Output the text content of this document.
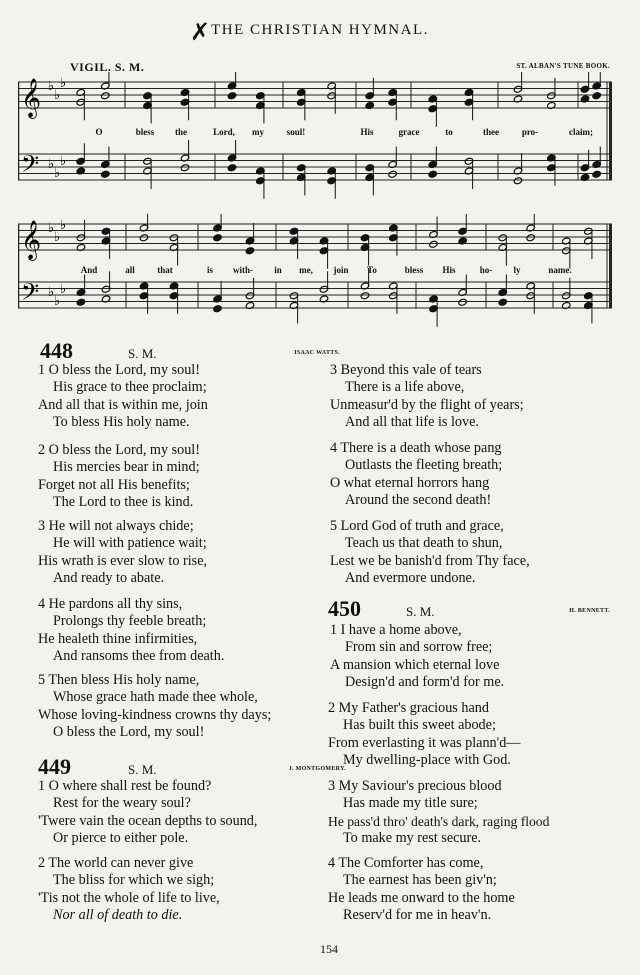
THE CHRISTIAN HYMNAL.
✗
VIGIL. S. M.	ST. ALBAN'S TUNE BOOK.
𝄞
𝄢
♭
♭
♭
♭
♭
♭
O	bless the	Lord, my	soul!	His	grace	to	thee	pro-	claim;
𝄞
𝄢
♭
♭
♭
♭
♭
♭
And	all that	is with- in me, join To	bless His	ho- ly	name.
448	S. M.	ISAAC WATTS.
1 O bless the Lord, my soul!
His grace to thee proclaim;
And all that is within me, join
To bless His holy name.
2 O bless the Lord, my soul!
His mercies bear in mind;
Forget not all His benefits;
The Lord to thee is kind.
3 He will not always chide;
He will with patience wait;
His wrath is ever slow to rise,
And ready to abate.
4 He pardons all thy sins,
Prolongs thy feeble breath;
He healeth thine infirmities,
And ransoms thee from death.
5 Then bless His holy name,
Whose grace hath made thee whole,
Whose loving-kindness crowns thy days;
O bless the Lord, my soul!
449	S. M.	J. MONTGOMERY.
1 O where shall rest be found?
Rest for the weary soul?
'Twere vain the ocean depths to sound,
Or pierce to either pole.
2 The world can never give
The bliss for which we sigh;
'Tis not the whole of life to live,
Nor all of death to die.
3 Beyond this vale of tears
There is a life above,
Unmeasur'd by the flight of years;
And all that life is love.
4 There is a death whose pang
Outlasts the fleeting breath;
O what eternal horrors hang
Around the second death!
5 Lord God of truth and grace,
Teach us that death to shun,
Lest we be banish'd from Thy face,
And evermore undone.
450	S. M.	H. BENNETT.
1 I have a home above,
From sin and sorrow free;
A mansion which eternal love
Design'd and form'd for me.
2 My Father's gracious hand
Has built this sweet abode;
From everlasting it was plann'd—
My dwelling-place with God.
3 My Saviour's precious blood
Has made my title sure;
He pass'd thro' death's dark, raging flood
To make my rest secure.
4 The Comforter has come,
The earnest has been giv'n;
He leads me onward to the home
Reserv'd for me in heav'n.
154
